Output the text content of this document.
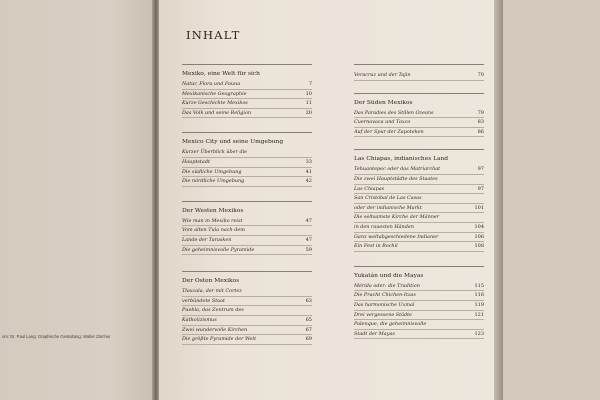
om: Dr. Paul Lang; Graphische Gestaltung: Walter Zürcher
INHALT
Mexiko, eine Welt für sich
Natur, Flora und Fauna	7
Mexikanische Geographie	10
Kurze Geschichte Mexikos	11
Das Volk und seine Religion	20
Mexico City und seine Umgebung
Kurzer Überblick über die
Hauptstadt	33
Die südliche Umgebung	41
Die nördliche Umgebung	42
Der Westen Mexikos
Wie man in Mexiko reist	47
Vom alten Tula nach dem
Lande der Tarasken	47
Die geheimnisvolle Pyramide	59
Der Osten Mexikos
Tlaxcala, der mit Cortez
verbündete Staat	63
Puebla, das Zentrum des
Katholizismus	65
Zwei wundervolle Kirchen	67
Die größte Pyramide der Welt	69
Veracruz und der Tajin	70
Der Süden Mexikos
Das Paradies des Stillen Ozeans	79
Cuernavaca und Taxco	83
Auf der Spur der Zapoteken	86
Las Chiapas, indianisches Land
Tehuantepec oder das Matriarchat	97
Die zwei Hauptstädte des Staates
Las Chiapas	97
San Cristóbal de Las Casas
oder der indianische Markt	101
Die seltsamste Kirche der Männer
in den rauesten Händen	104
Ganz weltabgeschiedene Indianer	106
Ein Fest in Bochil	108
Yukatán und die Mayas
Mérida oder: die Tradition	115
Die Pracht Chichen-Itzas	116
Das harmonische Uxmal	119
Drei vergessene Städte	121
Palenque, die geheimnisvolle
Stadt der Mayas	123
